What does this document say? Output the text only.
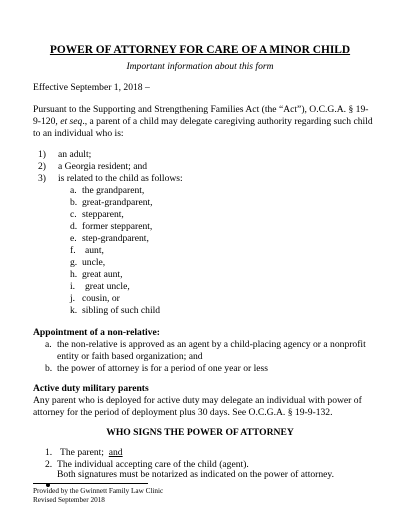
POWER OF ATTORNEY FOR CARE OF A MINOR CHILD
Important information about this form
Effective September 1, 2018 –
Pursuant to the Supporting and Strengthening Families Act (the “Act”), O.C.G.A. § 19-9-120, et seq., a parent of a child may delegate caregiving authority regarding such child to an individual who is:
1) an adult;
2) a Georgia resident; and
3) is related to the child as follows:
a. the grandparent,
b. great-grandparent,
c. stepparent,
d. former stepparent,
e. step-grandparent,
f. aunt,
g. uncle,
h. great aunt,
i. great uncle,
j. cousin, or
k. sibling of such child
Appointment of a non-relative:
a. the non-relative is approved as an agent by a child-placing agency or a nonprofit
entity or faith based organization; and
b. the power of attorney is for a period of one year or less
Active duty military parents
Any parent who is deployed for active duty may delegate an individual with power of
attorney for the period of deployment plus 30 days. See O.C.G.A. § 19-9-132.
WHO SIGNS THE POWER OF ATTORNEY
1. The parent; and
2. The individual accepting care of the child (agent).
Both signatures must be notarized as indicated on the power of attorney.
Provided by the Gwinnett Family Law Clinic
Revised September 2018
